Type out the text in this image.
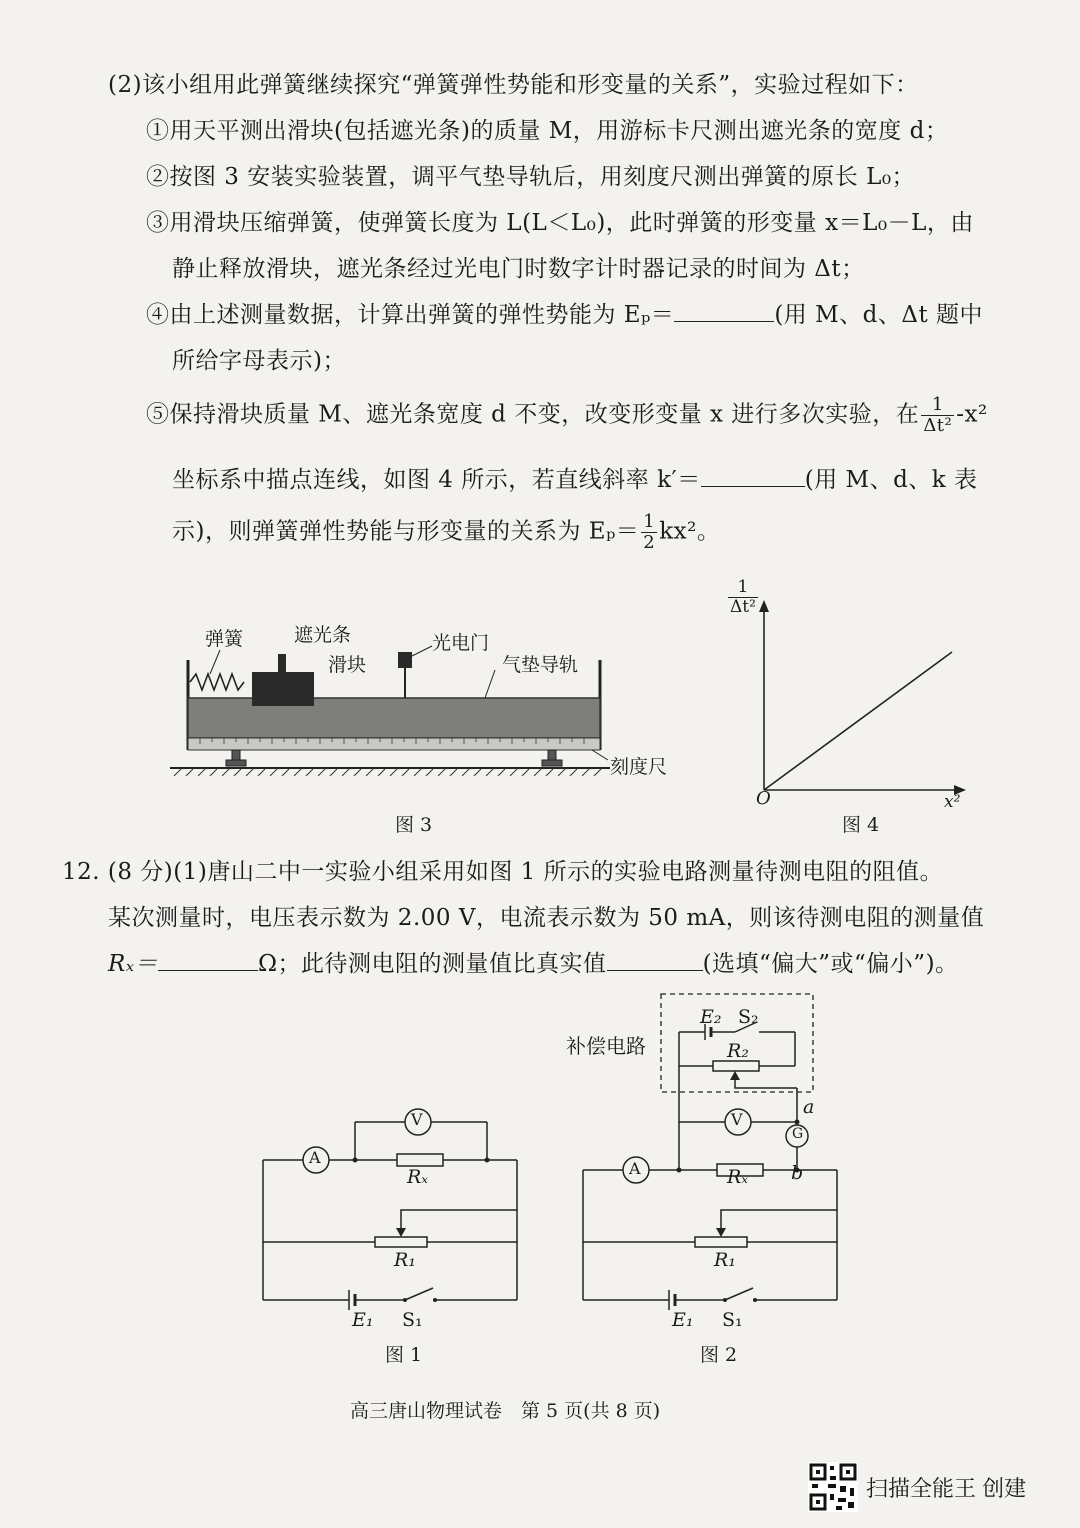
(2)该小组用此弹簧继续探究“弹簧弹性势能和形变量的关系”，实验过程如下：
①用天平测出滑块(包括遮光条)的质量 M，用游标卡尺测出遮光条的宽度 d；
②按图 3 安装实验装置，调平气垫导轨后，用刻度尺测出弹簧的原长 L₀；
③用滑块压缩弹簧，使弹簧长度为 L(L＜L₀)，此时弹簧的形变量 x＝L₀－L，由
静止释放滑块，遮光条经过光电门时数字计时器记录的时间为 Δt；
④由上述测量数据，计算出弹簧的弹性势能为 Eₚ＝	(用 M、d、Δt 题中
所给字母表示)；
⑤保持滑块质量 M、遮光条宽度 d 不变，改变形变量 x 进行多次实验，在 $\frac{1}{\text{Δt²}} -x^2$
坐标系中描点连线，如图 4 所示，若直线斜率 k′＝	(用 M、d、k 表
示)，则弹簧弹性势能与形变量的关系为 $E_p= \frac{1}{2} kx^2$。
弹簧	遮光条
滑块
光电门
气垫导轨
刻度尺
图 3
$\frac{1}{\text{Δt²}}$
x²
O
图 4
12. (8 分)(1)唐山二中一实验小组采用如图 1 所示的实验电路测量待测电阻的阻值。
某次测量时，电压表示数为 2.00 V，电流表示数为 50 mA，则该待测电阻的测量值
Rₓ＝	Ω；此待测电阻的测量值比真实值	(选填“偏大”或“偏小”)。
V
A
Rₓ
R₁
E₁ S₁
图 1
补偿电路
E₂ S₂
R₂
V
a
G
b
A	Rₓ
R₁
E₁ S₁
图 2
高三唐山物理试卷　第 5 页(共 8 页)
扫描全能王 创建
